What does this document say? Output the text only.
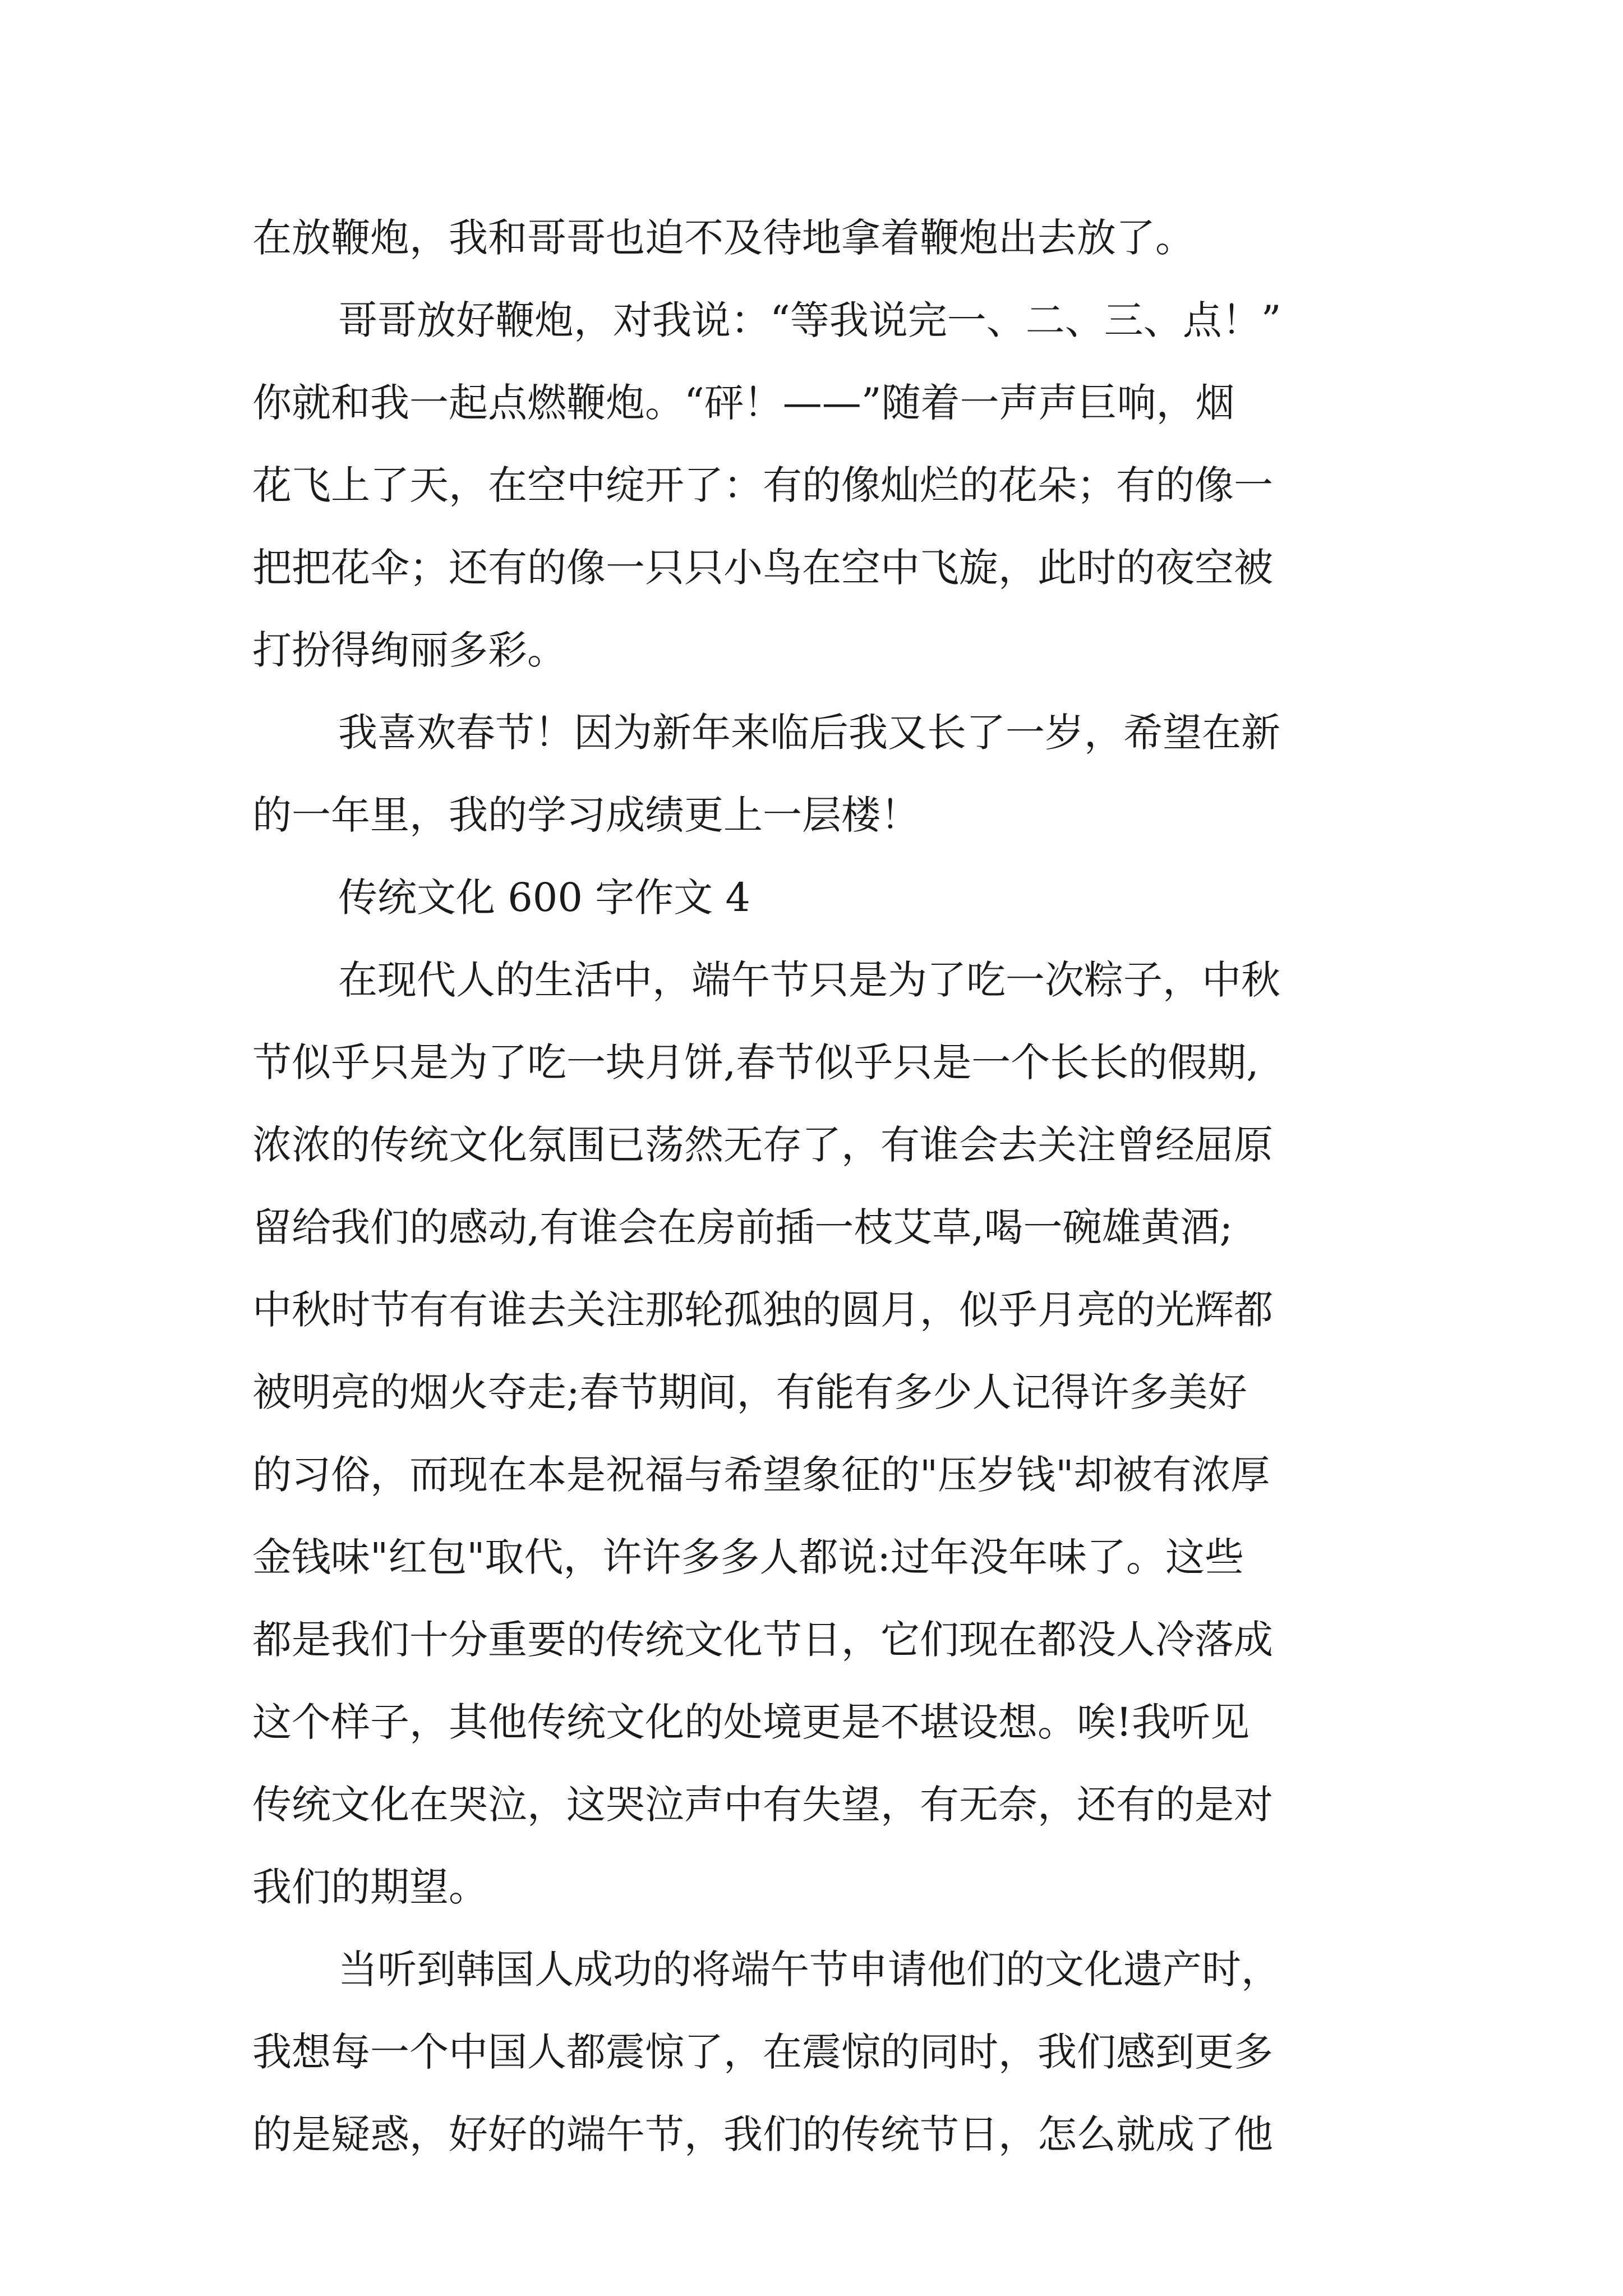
在放鞭炮，我和哥哥也迫不及待地拿着鞭炮出去放了。
哥哥放好鞭炮，对我说：“等我说完一、二、三、点！”
你就和我一起点燃鞭炮。“砰！——”随着一声声巨响，烟
花飞上了天，在空中绽开了：有的像灿烂的花朵；有的像一
把把花伞；还有的像一只只小鸟在空中飞旋，此时的夜空被
打扮得绚丽多彩。
我喜欢春节！因为新年来临后我又长了一岁，希望在新
的一年里，我的学习成绩更上一层楼！
传统文化 600 字作文 4
在现代人的生活中，端午节只是为了吃一次粽子，中秋
节似乎只是为了吃一块月饼,春节似乎只是一个长长的假期,
浓浓的传统文化氛围已荡然无存了，有谁会去关注曾经屈原
留给我们的感动,有谁会在房前插一枝艾草,喝一碗雄黄酒;
中秋时节有有谁去关注那轮孤独的圆月，似乎月亮的光辉都
被明亮的烟火夺走;春节期间，有能有多少人记得许多美好
的习俗，而现在本是祝福与希望象征的"压岁钱"却被有浓厚
金钱味"红包"取代，许许多多人都说:过年没年味了。这些
都是我们十分重要的传统文化节日，它们现在都没人冷落成
这个样子，其他传统文化的处境更是不堪设想。唉!我听见
传统文化在哭泣，这哭泣声中有失望，有无奈，还有的是对
我们的期望。
当听到韩国人成功的将端午节申请他们的文化遗产时，
我想每一个中国人都震惊了，在震惊的同时，我们感到更多
的是疑惑，好好的端午节，我们的传统节日，怎么就成了他
